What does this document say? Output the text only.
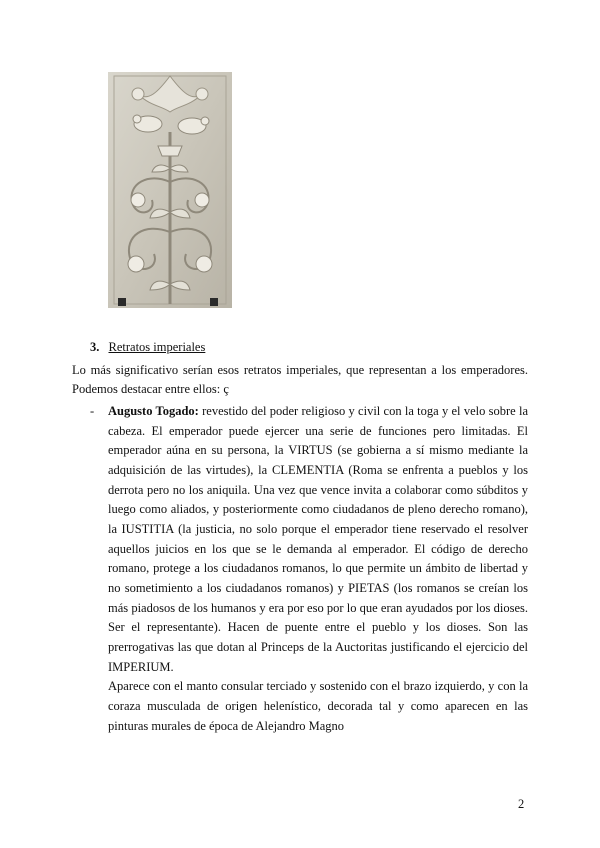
3. Retratos imperiales
Lo más significativo serían esos retratos imperiales, que representan a los emperadores. Podemos destacar entre ellos: ç
- Augusto Togado: revestido del poder religioso y civil con la toga y el velo sobre la cabeza. El emperador puede ejercer una serie de funciones pero limitadas. El emperador aúna en su persona, la VIRTUS (se gobierna a sí mismo mediante la adquisición de las virtudes), la CLEMENTIA (Roma se enfrenta a pueblos y los derrota pero no los aniquila. Una vez que vence invita a colaborar como súbditos y luego como aliados, y posteriormente como ciudadanos de pleno derecho romano), la IUSTITIA (la justicia, no solo porque el emperador tiene reservado el resolver aquellos juicios en los que se le demanda al emperador. El código de derecho romano, protege a los ciudadanos romanos, lo que permite un ámbito de libertad y no sometimiento a los ciudadanos romanos) y PIETAS (los romanos se creían los más piadosos de los humanos y era por eso por lo que eran ayudados por los dioses. Ser el representante). Hacen de puente entre el pueblo y los dioses. Son las prerrogativas las que dotan al Princeps de la Auctoritas justificando el ejercicio del IMPERIUM.

Aparece con el manto consular terciado y sostenido con el brazo izquierdo, y con la coraza musculada de origen helenístico, decorada tal y como aparecen en las pinturas murales de época de Alejandro Magno

2
